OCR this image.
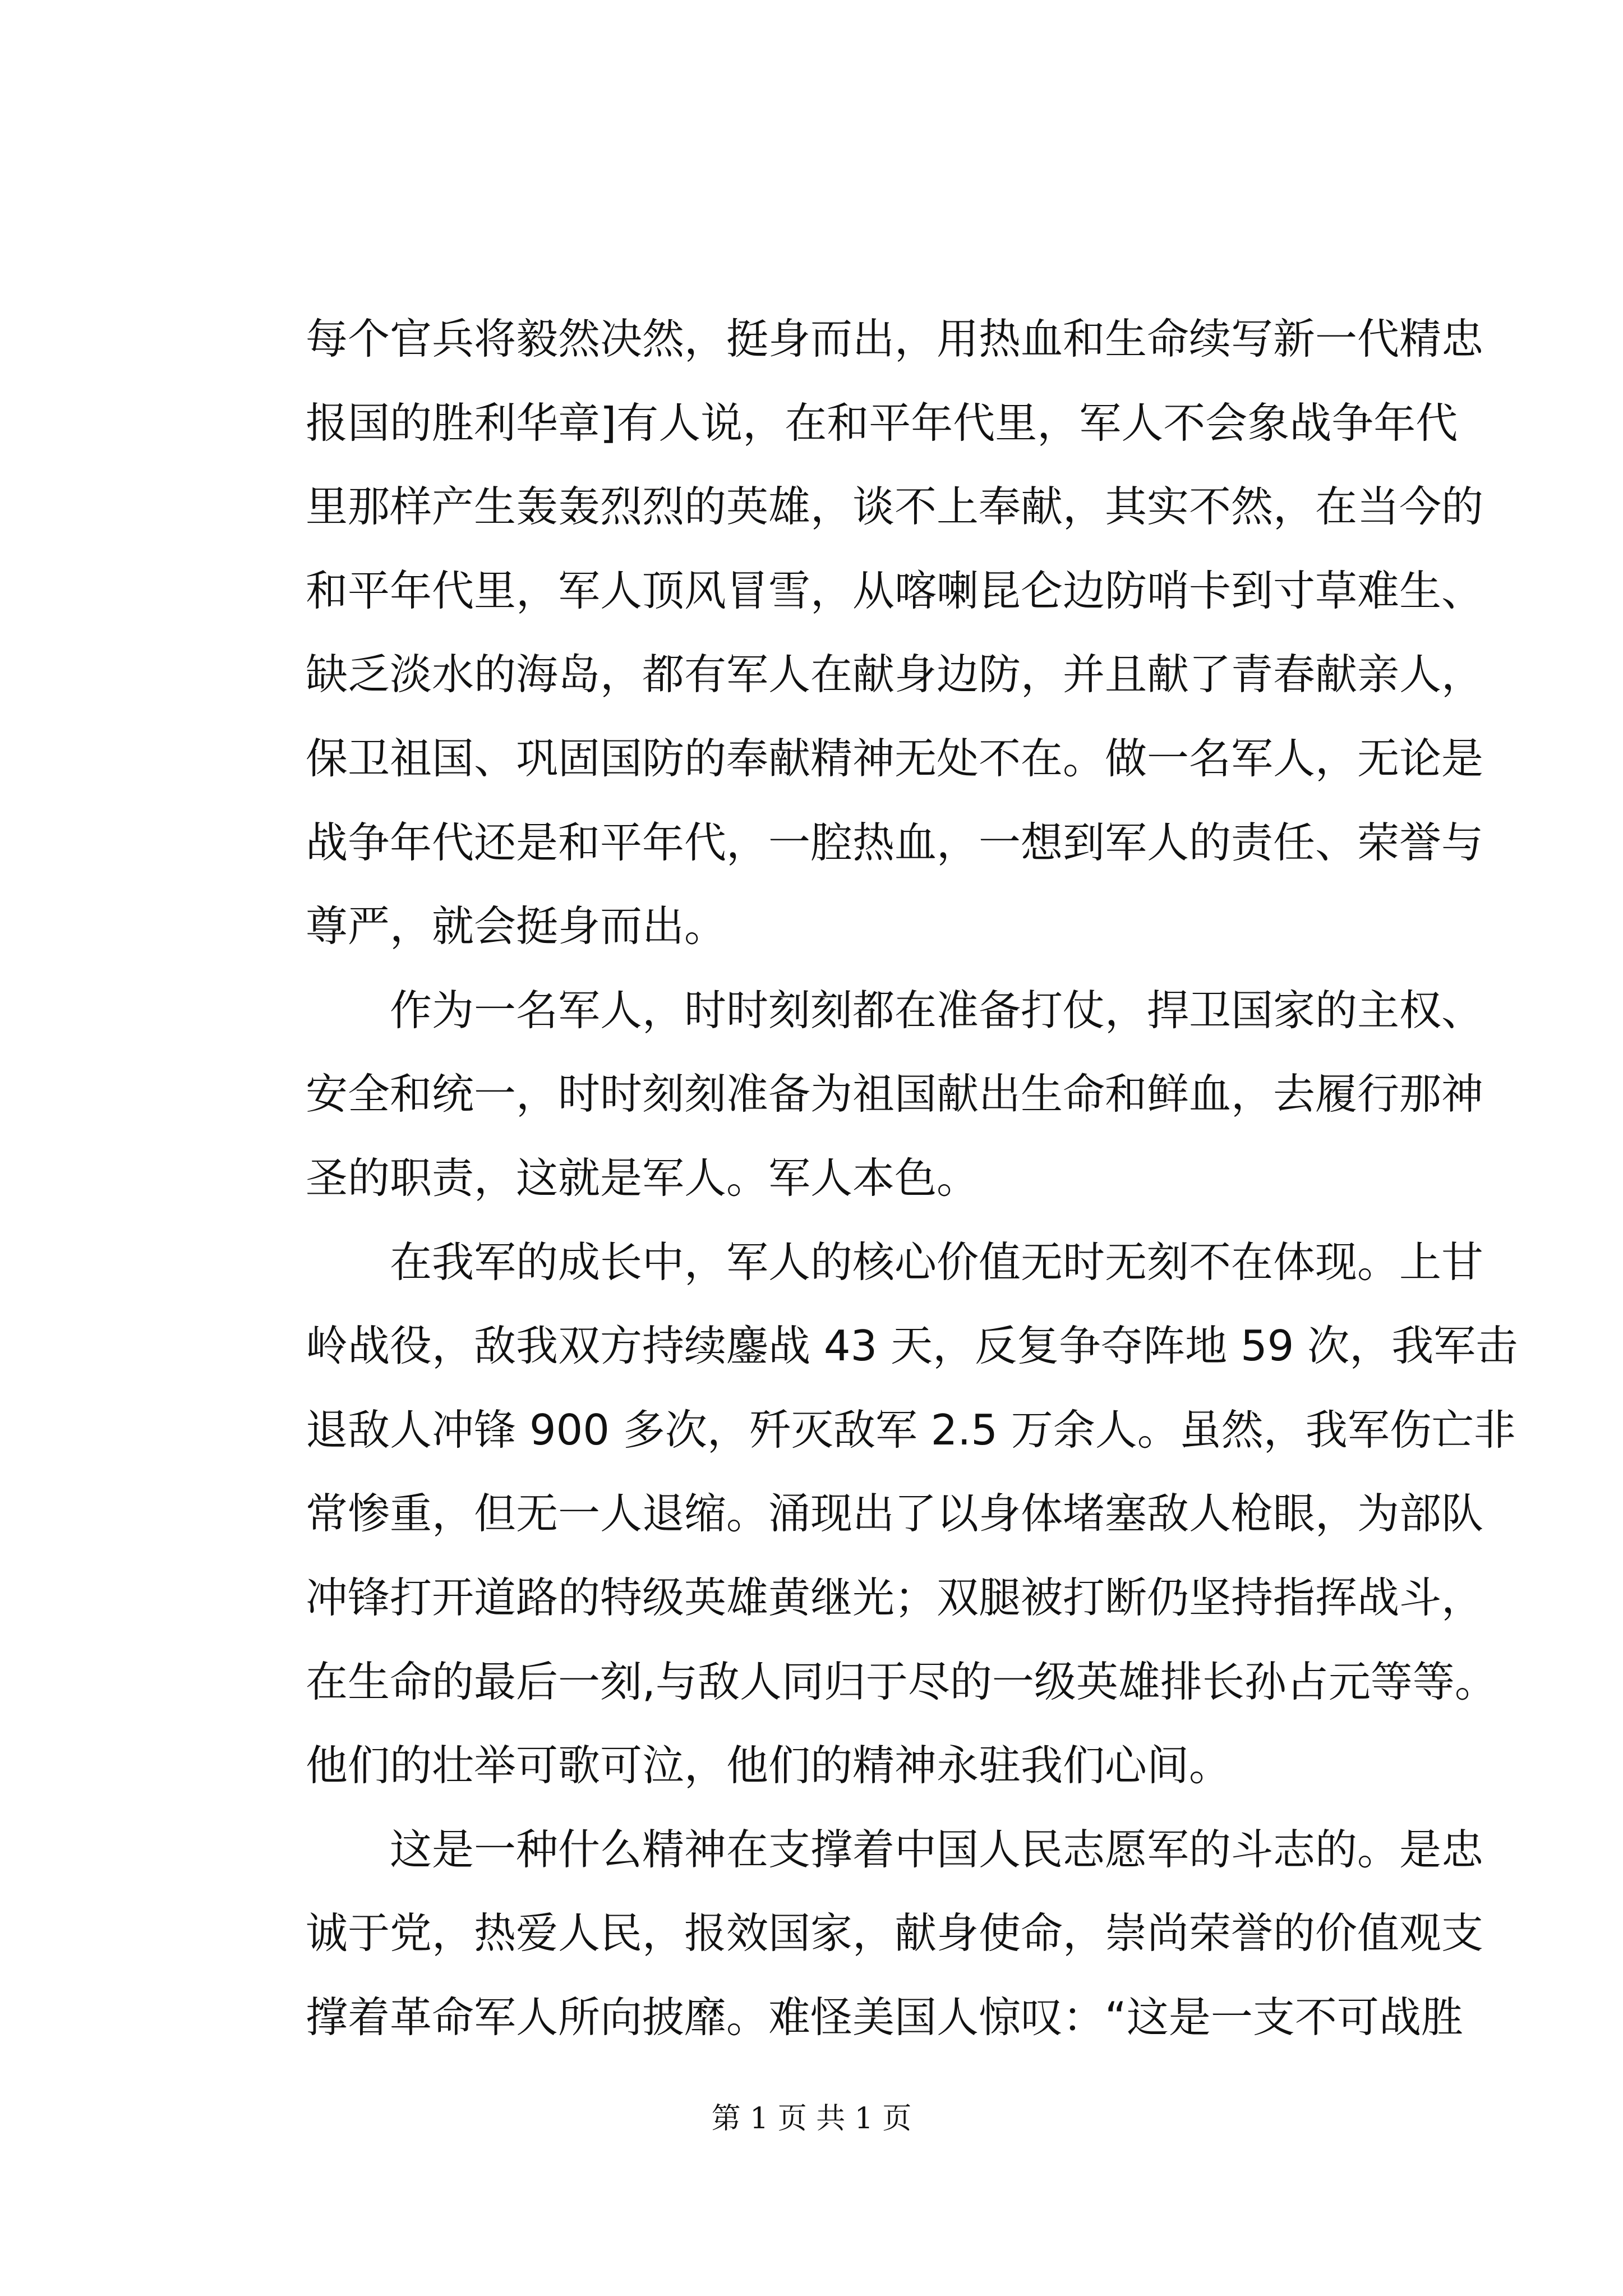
每个官兵将毅然决然，挺身而出，用热血和生命续写新一代精忠
报国的胜利华章]有人说，在和平年代里，军人不会象战争年代
里那样产生轰轰烈烈的英雄，谈不上奉献，其实不然，在当今的
和平年代里，军人顶风冒雪，从喀喇昆仑边防哨卡到寸草难生、
缺乏淡水的海岛，都有军人在献身边防，并且献了青春献亲人，
保卫祖国、巩固国防的奉献精神无处不在。做一名军人，无论是
战争年代还是和平年代，一腔热血，一想到军人的责任、荣誉与
尊严，就会挺身而出。
　　作为一名军人，时时刻刻都在准备打仗，捍卫国家的主权、
安全和统一，时时刻刻准备为祖国献出生命和鲜血，去履行那神
圣的职责，这就是军人。军人本色。
　　在我军的成长中，军人的核心价值无时无刻不在体现。上甘
岭战役，敌我双方持续鏖战 43 天，反复争夺阵地 59 次，我军击
退敌人冲锋 900 多次，歼灭敌军 2.5 万余人。虽然，我军伤亡非
常惨重，但无一人退缩。涌现出了以身体堵塞敌人枪眼，为部队
冲锋打开道路的特级英雄黄继光；双腿被打断仍坚持指挥战斗，
在生命的最后一刻,与敌人同归于尽的一级英雄排长孙占元等等。
他们的壮举可歌可泣，他们的精神永驻我们心间。
　　这是一种什么精神在支撑着中国人民志愿军的斗志的。是忠
诚于党，热爱人民，报效国家，献身使命，崇尚荣誉的价值观支
撑着革命军人所向披靡。难怪美国人惊叹：“这是一支不可战胜
第 1 页 共 1 页
